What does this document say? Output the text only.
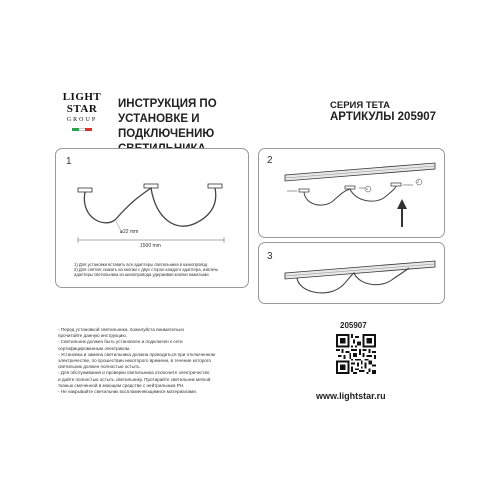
LIGHT
STAR
GROUP
ИНСТРУКЦИЯ ПО УСТАНОВКЕ И
ПОДКЛЮЧЕНИЮ
СЕРИЯ TETA
АРТИКУЛЫ 205907
1
⌀22 mm
1500 mm
1) Для установки вставить все адаптеры светильника в шинопровод
2) Для снятия: нажать на кнопки с двух сторон каждого адаптера, извлечь
адаптеры светильника из шинопровода удерживая кнопки нажатыми
2
1
2
3
- Перед установкой светильника, пожалуйста внимательно
прочитайте данную инструкцию.
- Светильник должен быть установлен и подключен к сети
сертифицированным электриком.
- Установка и замена светильника должна проводиться при отключенном
электричестве, по прошествии некоторого времени, в течение которого
светильник должен полностью остыть.
- Для обслуживания и проверки светильника отключите электричество
и дайте полностью остыть светильнику. Протирайте светильник мягкой
тканью смоченной в моющем средстве с нейтральным PH.
- Не накрывайте светильник воспламеняющимися материалами.
205907
www.lightstar.ru
